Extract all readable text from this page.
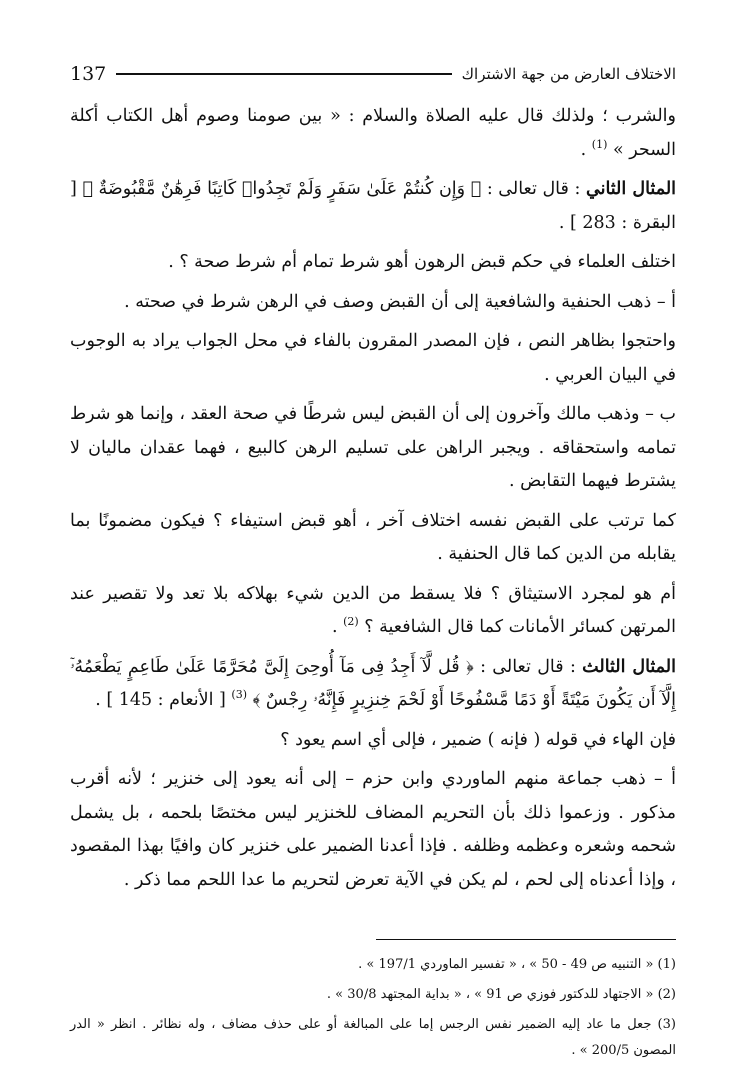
الاختلاف العارض من جهة الاشتراك
137

والشرب ؛ ولذلك قال عليه الصلاة والسلام : « بين صومنا وصوم أهل الكتاب أكلة السحر » $^{(1)}$ .

المثال الثاني : قال تعالى : ﴿ وَإِن كُنتُمْ عَلَىٰ سَفَرٍ وَلَمْ تَجِدُوا۟ كَاتِبًا فَرِهَٰنٌ مَّقْبُوضَةٌ ﴾ [ البقرة : 283 ] .

اختلف العلماء في حكم قبض الرهون أهو شرط تمام أم شرط صحة ؟ .

أ – ذهب الحنفية والشافعية إلى أن القبض وصف في الرهن شرط في صحته .

واحتجوا بظاهر النص ، فإن المصدر المقرون بالفاء في محل الجواب يراد به الوجوب في البيان العربي .

ب – وذهب مالك وآخرون إلى أن القبض ليس شرطًا في صحة العقد ، وإنما هو شرط تمامه واستحقاقه . ويجبر الراهن على تسليم الرهن كالبيع ، فهما عقدان ماليان لا يشترط فيهما التقابض .

كما ترتب على القبض نفسه اختلاف آخر ، أهو قبض استيفاء ؟ فيكون مضمونًا بما يقابله من الدين كما قال الحنفية .

أم هو لمجرد الاستيثاق ؟ فلا يسقط من الدين شيء بهلاكه بلا تعد ولا تقصير عند المرتهن كسائر الأمانات كما قال الشافعية ؟ $^{(2)}$ .

المثال الثالث : قال تعالى : ﴿ قُل لَّآ أَجِدُ فِى مَآ أُوحِىَ إِلَىَّ مُحَرَّمًا عَلَىٰ طَاعِمٍ يَطْعَمُهُۥٓ إِلَّآ أَن يَكُونَ مَيْتَةً أَوْ دَمًا مَّسْفُوحًا أَوْ لَحْمَ خِنزِيرٍ فَإِنَّهُۥ رِجْسٌ ﴾ $^{(3)}$ [ الأنعام : 145 ] .

فإن الهاء في قوله ( فإنه ) ضمير ، فإلى أي اسم يعود ؟

أ – ذهب جماعة منهم الماوردي وابن حزم – إلى أنه يعود إلى خنزير ؛ لأنه أقرب مذكور . وزعموا ذلك بأن التحريم المضاف للخنزير ليس مختصًا بلحمه ، بل يشمل شحمه وشعره وعظمه وظلفه . فإذا أعدنا الضمير على خنزير كان وافيًا بهذا المقصود ، وإذا أعدناه إلى لحم ، لم يكن في الآية تعرض لتحريم ما عدا اللحم مما ذكر .

(1) « التنبيه ص 49 - 50 » ، « تفسير الماوردي 197/1 » .

(2) « الاجتهاد للدكتور فوزي ص 91 » ، « بداية المجتهد 30/8 » .

(3) جعل ما عاد إليه الضمير نفس الرجس إما على المبالغة أو على حذف مضاف ، وله نظائر . انظر « الدر المصون 200/5 » .
